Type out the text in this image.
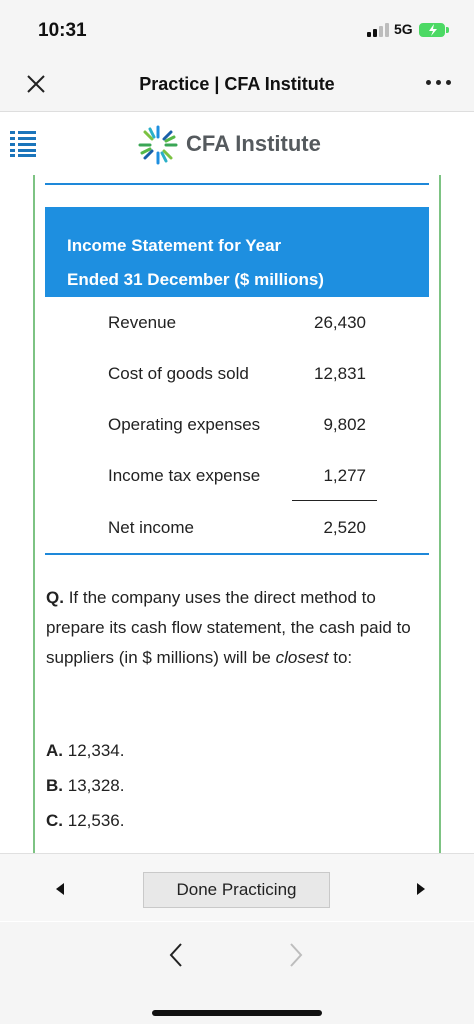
10:31	5G
Practice | CFA Institute
CFA Institute
Income Statement for Year
Ended 31 December ($ millions)
Revenue	26,430
Cost of goods sold	12,831
Operating expenses	9,802
Income tax expense	1,277
Net income	2,520
Q. If the company uses the direct method to prepare its cash flow statement, the cash paid to suppliers (in $ millions) will be closest to:
A. 12,334.
B. 13,328.
C. 12,536.
Done Practicing
